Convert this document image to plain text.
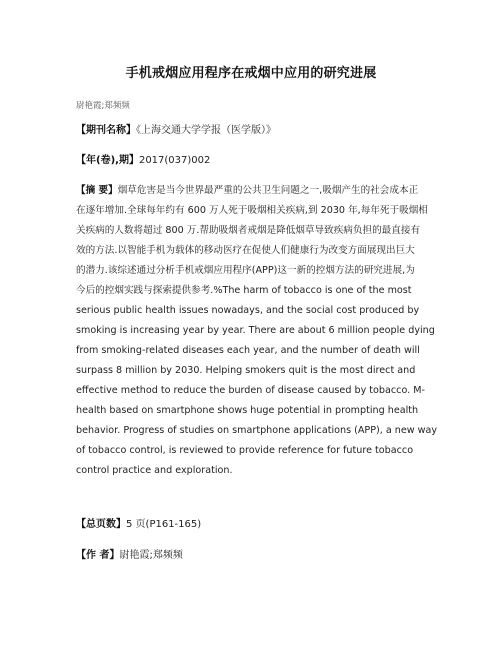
手机戒烟应用程序在戒烟中应用的研究进展
尉艳霞;郑频频
【期刊名称】《上海交通大学学报（医学版）》
【年(卷),期】2017(037)002
【摘 要】烟草危害是当今世界最严重的公共卫生问题之一,吸烟产生的社会成本正
在逐年增加.全球每年约有 600 万人死于吸烟相关疾病,到 2030 年,每年死于吸烟相
关疾病的人数将超过 800 万.帮助吸烟者戒烟是降低烟草导致疾病负担的最直接有
效的方法.以智能手机为载体的移动医疗在促使人们健康行为改变方面展现出巨大
的潜力.该综述通过分析手机戒烟应用程序(APP)这一新的控烟方法的研究进展,为
今后的控烟实践与探索提供参考.%The harm of tobacco is one of the most
serious public health issues nowadays, and the social cost produced by
smoking is increasing year by year. There are about 6 million people dying
from smoking-related diseases each year, and the number of death will
surpass 8 million by 2030. Helping smokers quit is the most direct and
effective method to reduce the burden of disease caused by tobacco. M-
health based on smartphone shows huge potential in prompting health
behavior. Progress of studies on smartphone applications (APP), a new way
of tobacco control, is reviewed to provide reference for future tobacco
control practice and exploration.
【总页数】5 页(P161-165)
【作 者】尉艳霞;郑频频
